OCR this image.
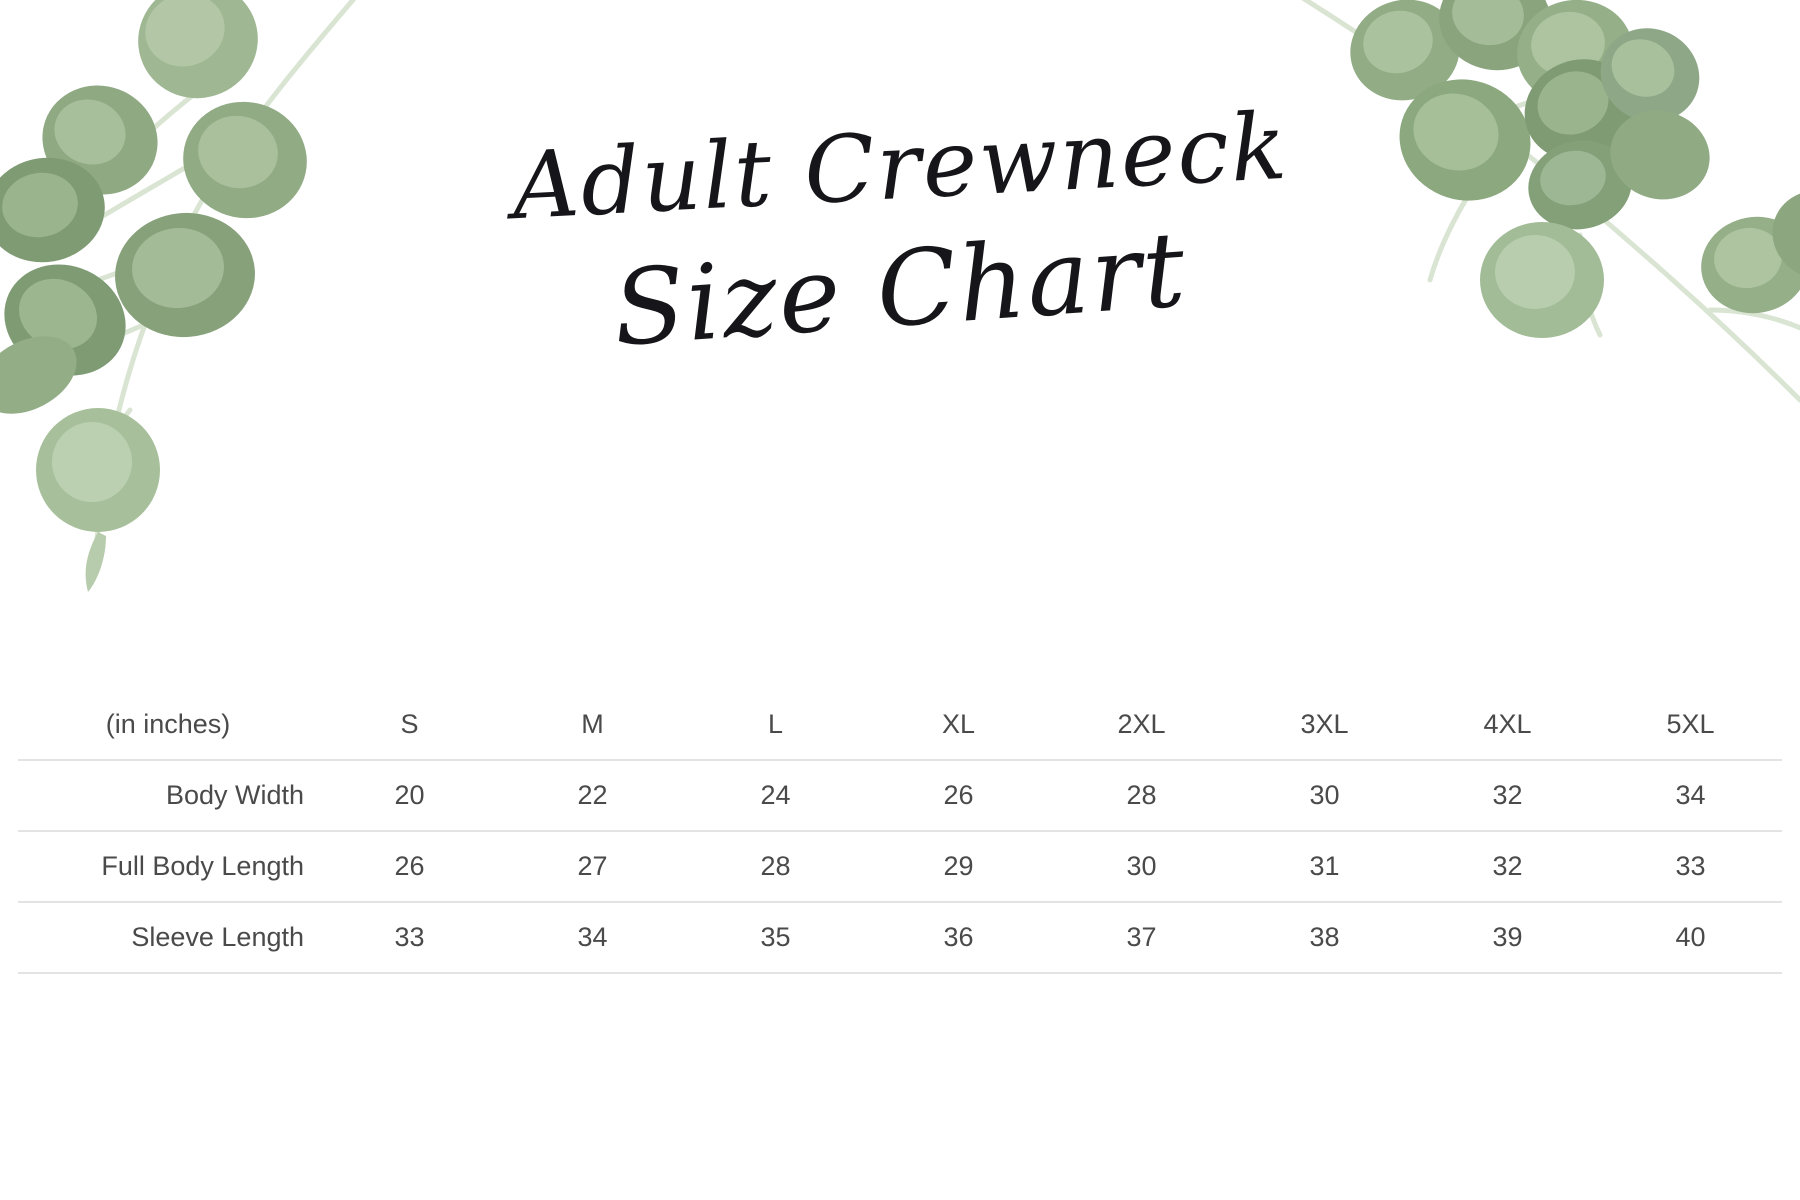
Adult Crewneck
Size Chart
(in inches)	S	M	L	XL	2XL	3XL	4XL	5XL
Body Width	20	22	24	26	28	30	32	34
Full Body Length	26	27	28	29	30	31	32	33
Sleeve Length	33	34	35	36	37	38	39	40
